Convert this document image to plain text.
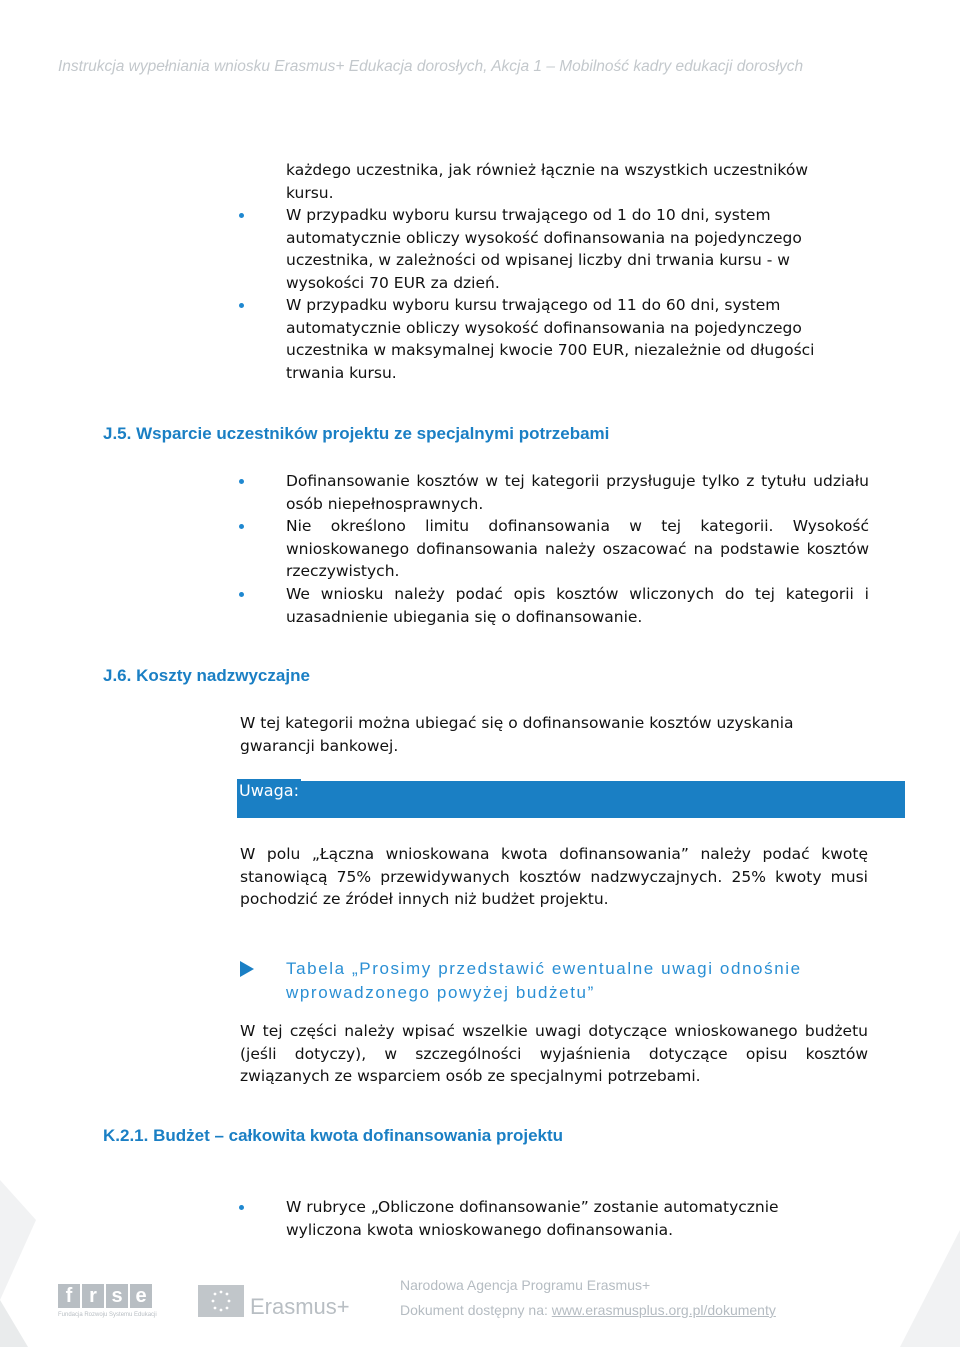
Instrukcja wypełniania wniosku Erasmus+ Edukacja dorosłych, Akcja 1 – Mobilność kadry edukacji dorosłych

każdego uczestnika, jak również łącznie na wszystkich uczestników kursu.

W przypadku wyboru kursu trwającego od 1 do 10 dni, system automatycznie obliczy wysokość dofinansowania na pojedynczego uczestnika, w zależności od wpisanej liczby dni trwania kursu - w wysokości 70 EUR za dzień.

W przypadku wyboru kursu trwającego od 11 do 60 dni, system automatycznie obliczy wysokość dofinansowania na pojedynczego uczestnika w maksymalnej kwocie 700 EUR, niezależnie od długości trwania kursu.

J.5. Wsparcie uczestników projektu ze specjalnymi potrzebami

Dofinansowanie kosztów w tej kategorii przysługuje tylko z tytułu udziału osób niepełnosprawnych.

Nie określono limitu dofinansowania w tej kategorii. Wysokość wnioskowanego dofinansowania należy oszacować na podstawie kosztów rzeczywistych.

We wniosku należy podać opis kosztów wliczonych do tej kategorii i uzasadnienie ubiegania się o dofinansowanie.

J.6. Koszty nadzwyczajne
W tej kategorii można ubiegać się o dofinansowanie kosztów uzyskania gwarancji bankowej.
Uwaga:
W polu „Łączna wnioskowana kwota dofinansowania” należy podać kwotę stanowiącą 75% przewidywanych kosztów nadzwyczajnych. 25% kwoty musi pochodzić ze źródeł innych niż budżet projektu.
Tabela „Prosimy przedstawić ewentualne uwagi odnośnie wprowadzonego powyżej budżetu”
W tej części należy wpisać wszelkie uwagi dotyczące wnioskowanego budżetu (jeśli dotyczy), w szczególności wyjaśnienia dotyczące opisu kosztów związanych ze wsparciem osób ze specjalnymi potrzebami.
K.2.1. Budżet – całkowita kwota dofinansowania projektu

W rubryce „Obliczone dofinansowanie” zostanie automatycznie wyliczona kwota wnioskowanego dofinansowania.

f r s e
Fundacja Rozwoju Systemu Edukacji	Erasmus+
Narodowa Agencja Programu Erasmus+
Dokument dostępny na: www.erasmusplus.org.pl/dokumenty
